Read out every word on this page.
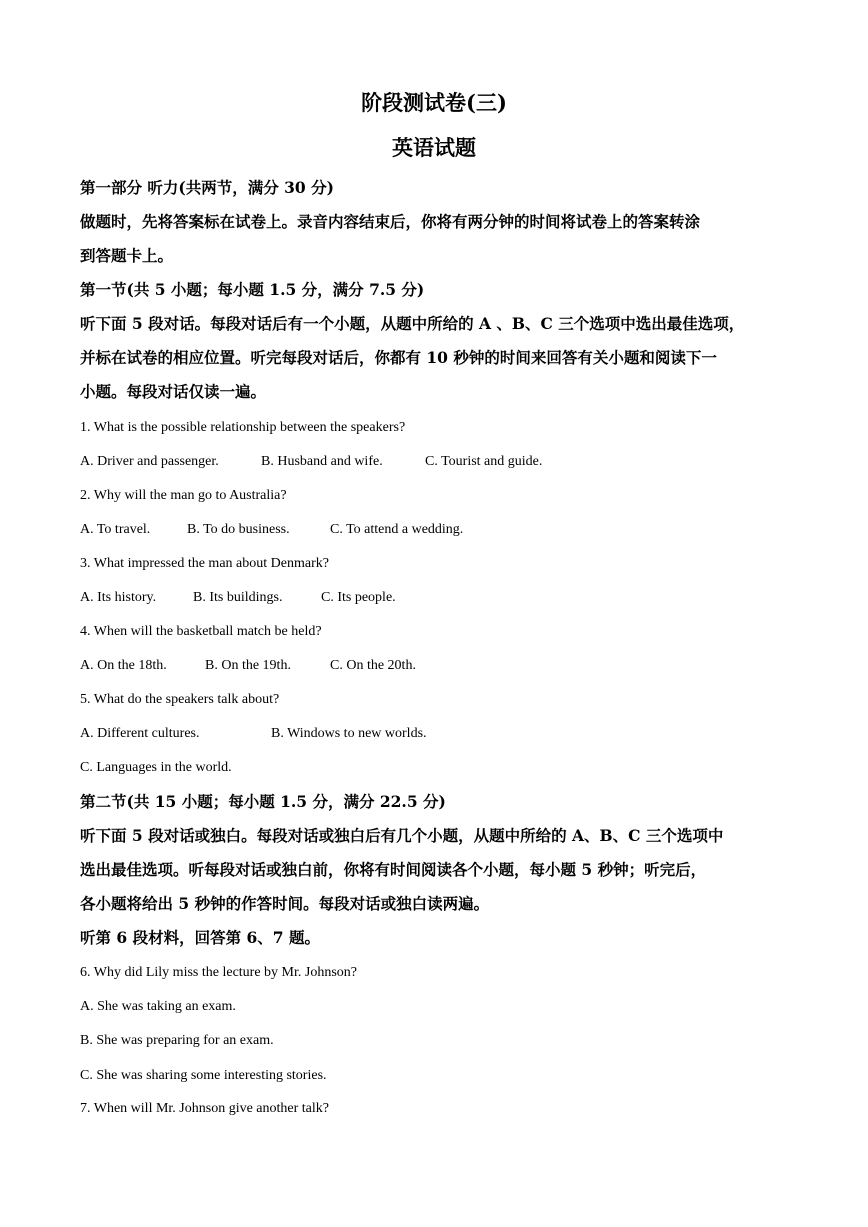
阶段测试卷(三)
英语试题
第一部分 听力(共两节，满分 30 分)
做题时，先将答案标在试卷上。录音内容结束后，你将有两分钟的时间将试卷上的答案转涂
到答题卡上。
第一节(共 5 小题；每小题 1.5 分，满分 7.5 分)
听下面 5 段对话。每段对话后有一个小题，从题中所给的 A 、B、C 三个选项中选出最佳选项，
并标在试卷的相应位置。听完每段对话后，你都有 10 秒钟的时间来回答有关小题和阅读下一
小题。每段对话仅读一遍。
1. What is the possible relationship between the speakers?
A. Driver and passenger.	B. Husband and wife.	C. Tourist and guide.
2. Why will the man go to Australia?
A. To travel.	B. To do business.	C. To attend a wedding.
3. What impressed the man about Denmark?
A. Its history.	B. Its buildings.	C. Its people.
4. When will the basketball match be held?
A. On the 18th.	B. On the 19th.	C. On the 20th.
5. What do the speakers talk about?
A. Different cultures.	B. Windows to new worlds.
C. Languages in the world.
第二节(共 15 小题；每小题 1.5 分，满分 22.5 分)
听下面 5 段对话或独白。每段对话或独白后有几个小题，从题中所给的 A、B、C 三个选项中
选出最佳选项。听每段对话或独白前，你将有时间阅读各个小题，每小题 5 秒钟；听完后，
各小题将给出 5 秒钟的作答时间。每段对话或独白读两遍。
听第 6 段材料，回答第 6、7 题。
6. Why did Lily miss the lecture by Mr. Johnson?
A. She was taking an exam.
B. She was preparing for an exam.
C. She was sharing some interesting stories.
7. When will Mr. Johnson give another talk?
